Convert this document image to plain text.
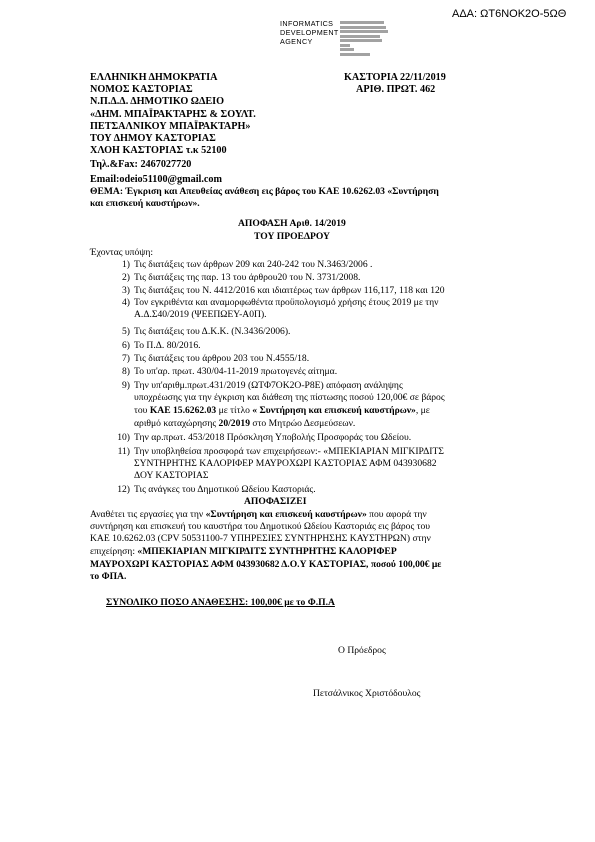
ΑΔΑ: ΩΤ6ΝΟΚ2Ο-5ΩΘ
INFORMATICS
DEVELOPMENT
AGENCY
ΕΛΛΗΝΙΚΗ ΔΗΜΟΚΡΑΤΙΑ
ΝΟΜΟΣ ΚΑΣΤΟΡΙΑΣ
Ν.Π.Δ.Δ. ΔΗΜΟΤΙΚΟ ΩΔΕΙΟ
«ΔΗΜ. ΜΠΑΪΡΑΚΤΑΡΗΣ & ΣΟΥΛΤ.
ΠΕΤΣΑΛΝΙΚΟΥ ΜΠΑΪΡΑΚΤΑΡΗ»
ΤΟΥ ΔΗΜΟΥ ΚΑΣΤΟΡΙΑΣ
ΧΛΟΗ ΚΑΣΤΟΡΙΑΣ τ.κ 52100
Τηλ.&Fax: 2467027720
Email:odeio51100@gmail.com
ΚΑΣΤΟΡΙΑ 22/11/2019
ΑΡΙΘ. ΠΡΩΤ. 462
ΘΕΜΑ: Έγκριση και Απευθείας ανάθεση εις βάρος του ΚΑΕ 10.6262.03 «Συντήρηση
και επισκευή καυστήρων».
ΑΠΟΦΑΣΗ Αριθ. 14/2019
ΤΟΥ ΠΡΟΕΔΡΟΥ
Έχοντας υπόψη:
1) Τις διατάξεις των άρθρων 209 και 240-242 του Ν.3463/2006 .
2) Τις διατάξεις της παρ. 13 του άρθρου20 του Ν. 3731/2008.
3) Τις διατάξεις του Ν. 4412/2016 και ιδιαιτέρως των άρθρων 116,117, 118 και 120
4) Τον εγκριθέντα και αναμορφωθέντα προϋπολογισμό χρήσης έτους 2019 με την
Α.Δ.Σ40/2019 (ΨΕΕΠΩΕΥ-Α0Π).
5) Τις διατάξεις του Δ.Κ.Κ. (Ν.3436/2006).
6) Το Π.Δ. 80/2016.
7) Τις διατάξεις του άρθρου 203 του Ν.4555/18.
8) Το υπ'αρ. πρωτ. 430/04-11-2019 πρωτογενές αίτημα.
9) Την υπ'αριθμ.πρωτ.431/2019 (ΩΤΦ7ΟΚ2Ο-Ρ8Ε) απόφαση ανάληψης
υποχρέωσης για την έγκριση και διάθεση της πίστωσης ποσού 120,00€ σε βάρος
του ΚΑΕ 15.6262.03 με τίτλο « Συντήρηση και επισκευή καυστήρων», με
αριθμό καταχώρησης 20/2019 στο Μητρώο Δεσμεύσεων.
10) Την αρ.πρωτ. 453/2018 Πρόσκληση Υποβολής Προσφοράς του Ωδείου.
11) Την υποβληθείσα προσφορά των επιχειρήσεων:- «ΜΠΕΚΙΑΡΙΑΝ ΜΙΓΚΙΡΔΙΤΣ
ΣΥΝΤΗΡΗΤΗΣ ΚΑΛΟΡΙΦΕΡ ΜΑΥΡΟΧΩΡΙ ΚΑΣΤΟΡΙΑΣ ΑΦΜ 043930682
ΔΟΥ ΚΑΣΤΟΡΙΑΣ
12) Τις ανάγκες του Δημοτικού Ωδείου Καστοριάς.
ΑΠΟΦΑΣΙΖΕΙ
Αναθέτει τις εργασίες για την «Συντήρηση και επισκευή καυστήρων» που αφορά την
συντήρηση και επισκευή του καυστήρα του Δημοτικού Ωδείου Καστοριάς εις βάρος του
ΚΑΕ 10.6262.03 (CPV 50531100-7 ΥΠΗΡΕΣΙΕΣ ΣΥΝΤΗΡΗΣΗΣ ΚΑΥΣΤΗΡΩΝ) στην
επιχείρηση: «ΜΠΕΚΙΑΡΙΑΝ ΜΙΓΚΙΡΔΙΤΣ ΣΥΝΤΗΡΗΤΗΣ ΚΑΛΟΡΙΦΕΡ
ΜΑΥΡΟΧΩΡΙ ΚΑΣΤΟΡΙΑΣ ΑΦΜ 043930682 Δ.Ο.Υ ΚΑΣΤΟΡΙΑΣ, ποσού 100,00€ με
το ΦΠΑ.
ΣΥΝΟΛΙΚΟ ΠΟΣΟ ΑΝΑΘΕΣΗΣ: 100,00€ με το Φ.Π.Α
Ο Πρόεδρος
Πετσάλνικος Χριστόδουλος
